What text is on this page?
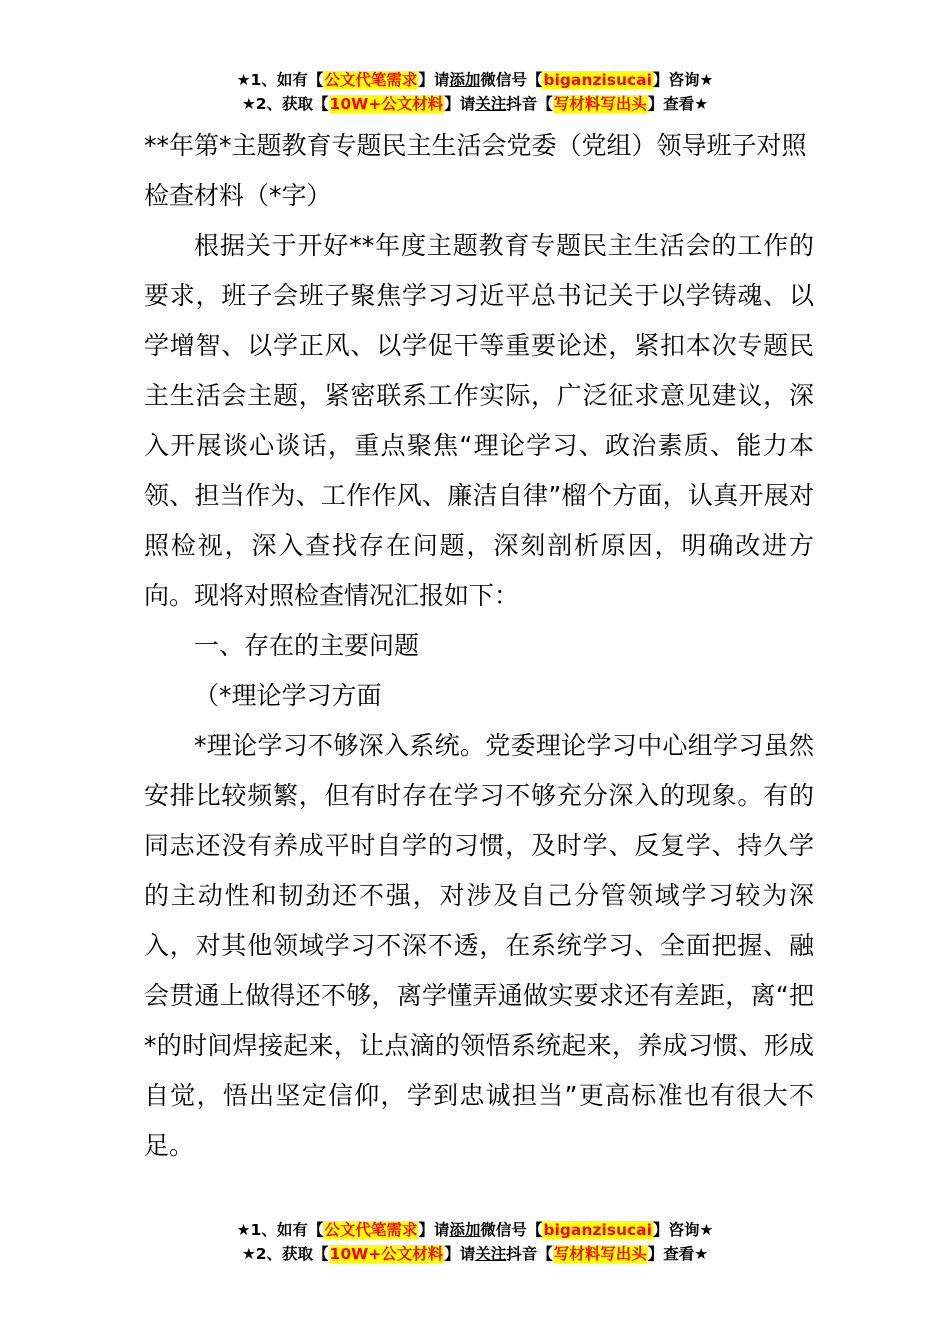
★1、如有【公文代笔需求】请添加微信号【biganzisucai】咨询★
★2、获取【10W+公文材料】请关注抖音【写材料写出头】查看★

**年第*主题教育专题民主生活会党委（党组）领导班子对照检查材料（*字）

根据关于开好**年度主题教育专题民主生活会的工作的要求，班子会班子聚焦学习习近平总书记关于以学铸魂、以学增智、以学正风、以学促干等重要论述，紧扣本次专题民主生活会主题，紧密联系工作实际，广泛征求意见建议，深入开展谈心谈话，重点聚焦“理论学习、政治素质、能力本领、担当作为、工作作风、廉洁自律”榴个方面，认真开展对照检视，深入查找存在问题，深刻剖析原因，明确改进方向。现将对照检查情况汇报如下：

一、存在的主要问题

（*理论学习方面

*理论学习不够深入系统。党委理论学习中心组学习虽然安排比较频繁，但有时存在学习不够充分深入的现象。有的同志还没有养成平时自学的习惯，及时学、反复学、持久学的主动性和韧劲还不强，对涉及自己分管领域学习较为深入，对其他领域学习不深不透，在系统学习、全面把握、融会贯通上做得还不够，离学懂弄通做实要求还有差距，离“把*的时间焊接起来，让点滴的领悟系统起来，养成习惯、形成自觉，悟出坚定信仰，学到忠诚担当”更高标准也有很大不足。

★1、如有【公文代笔需求】请添加微信号【biganzisucai】咨询★
★2、获取【10W+公文材料】请关注抖音【写材料写出头】查看★
